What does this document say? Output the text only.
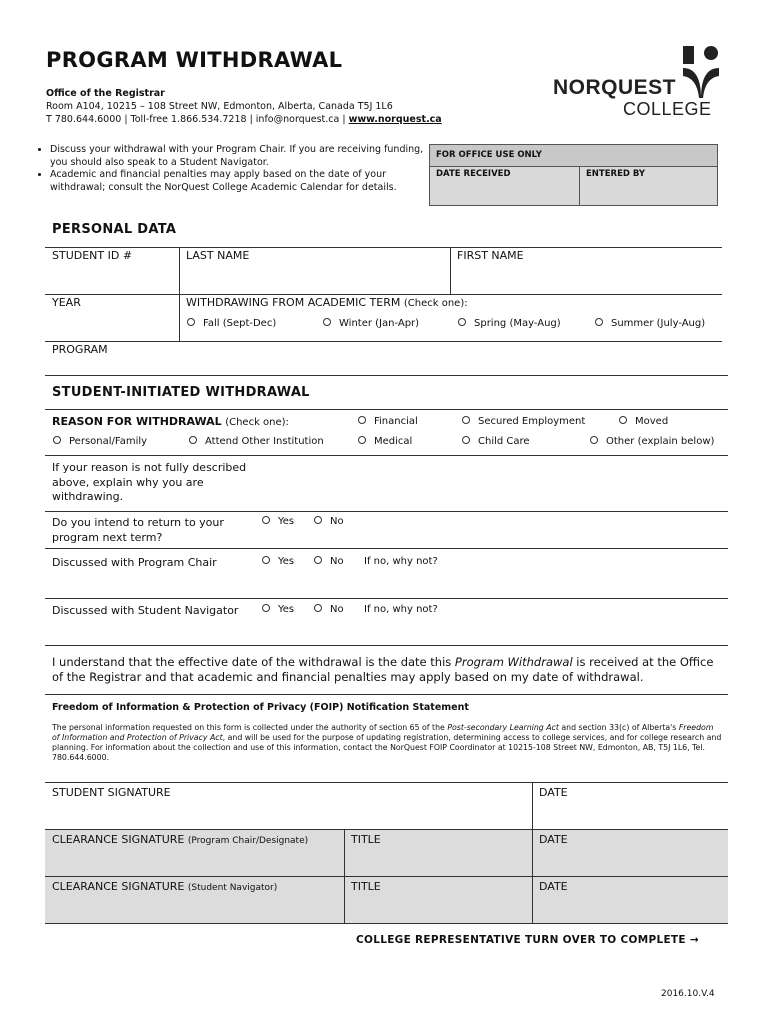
PROGRAM WITHDRAWAL
Office of the Registrar
Room A104, 10215 – 108 Street NW, Edmonton, Alberta, Canada T5J 1L6
T 780.644.6000 | Toll-free 1.866.534.7218 | info@norquest.ca | www.norquest.ca
NORQUEST
COLLEGE
• Discuss your withdrawal with your Program Chair. If you are receiving funding, you should also speak to a Student Navigator.
• Academic and financial penalties may apply based on the date of your withdrawal; consult the NorQuest College Academic Calendar for details.
FOR OFFICE USE ONLY
DATE RECEIVED	ENTERED BY
PERSONAL DATA
STUDENT ID #	LAST NAME	FIRST NAME
YEAR	WITHDRAWING FROM ACADEMIC TERM (Check one):
Fall (Sept-Dec)	Winter (Jan-Apr)	Spring (May-Aug)	Summer (July-Aug)
PROGRAM
STUDENT-INITIATED WITHDRAWAL
REASON FOR WITHDRAWAL (Check one):	Financial	Secured Employment	Moved
Personal/Family	Attend Other Institution	Medical	Child Care	Other (explain below)
If your reason is not fully described above, explain why you are withdrawing.
Do you intend to return to your program next term?
Yes	No
Discussed with Program Chair	Yes	No If no, why not?
Discussed with Student Navigator	Yes	No If no, why not?
I understand that the effective date of the withdrawal is the date this Program Withdrawal is received at the Office of the Registrar and that academic and financial penalties may apply based on my date of withdrawal.
Freedom of Information & Protection of Privacy (FOIP) Notification Statement
The personal information requested on this form is collected under the authority of section 65 of the Post-secondary Learning Act and section 33(c) of Alberta's Freedom of Information and Protection of Privacy Act, and will be used for the purpose of updating registration, determining access to college services, and for college research and planning. For information about the collection and use of this information, contact the NorQuest FOIP Coordinator at 10215-108 Street NW, Edmonton, AB, T5J 1L6, Tel. 780.644.6000.
STUDENT SIGNATURE	DATE
CLEARANCE SIGNATURE (Program Chair/Designate)	TITLE	DATE
CLEARANCE SIGNATURE (Student Navigator)	TITLE	DATE
COLLEGE REPRESENTATIVE TURN OVER TO COMPLETE →
2016.10.V.4
